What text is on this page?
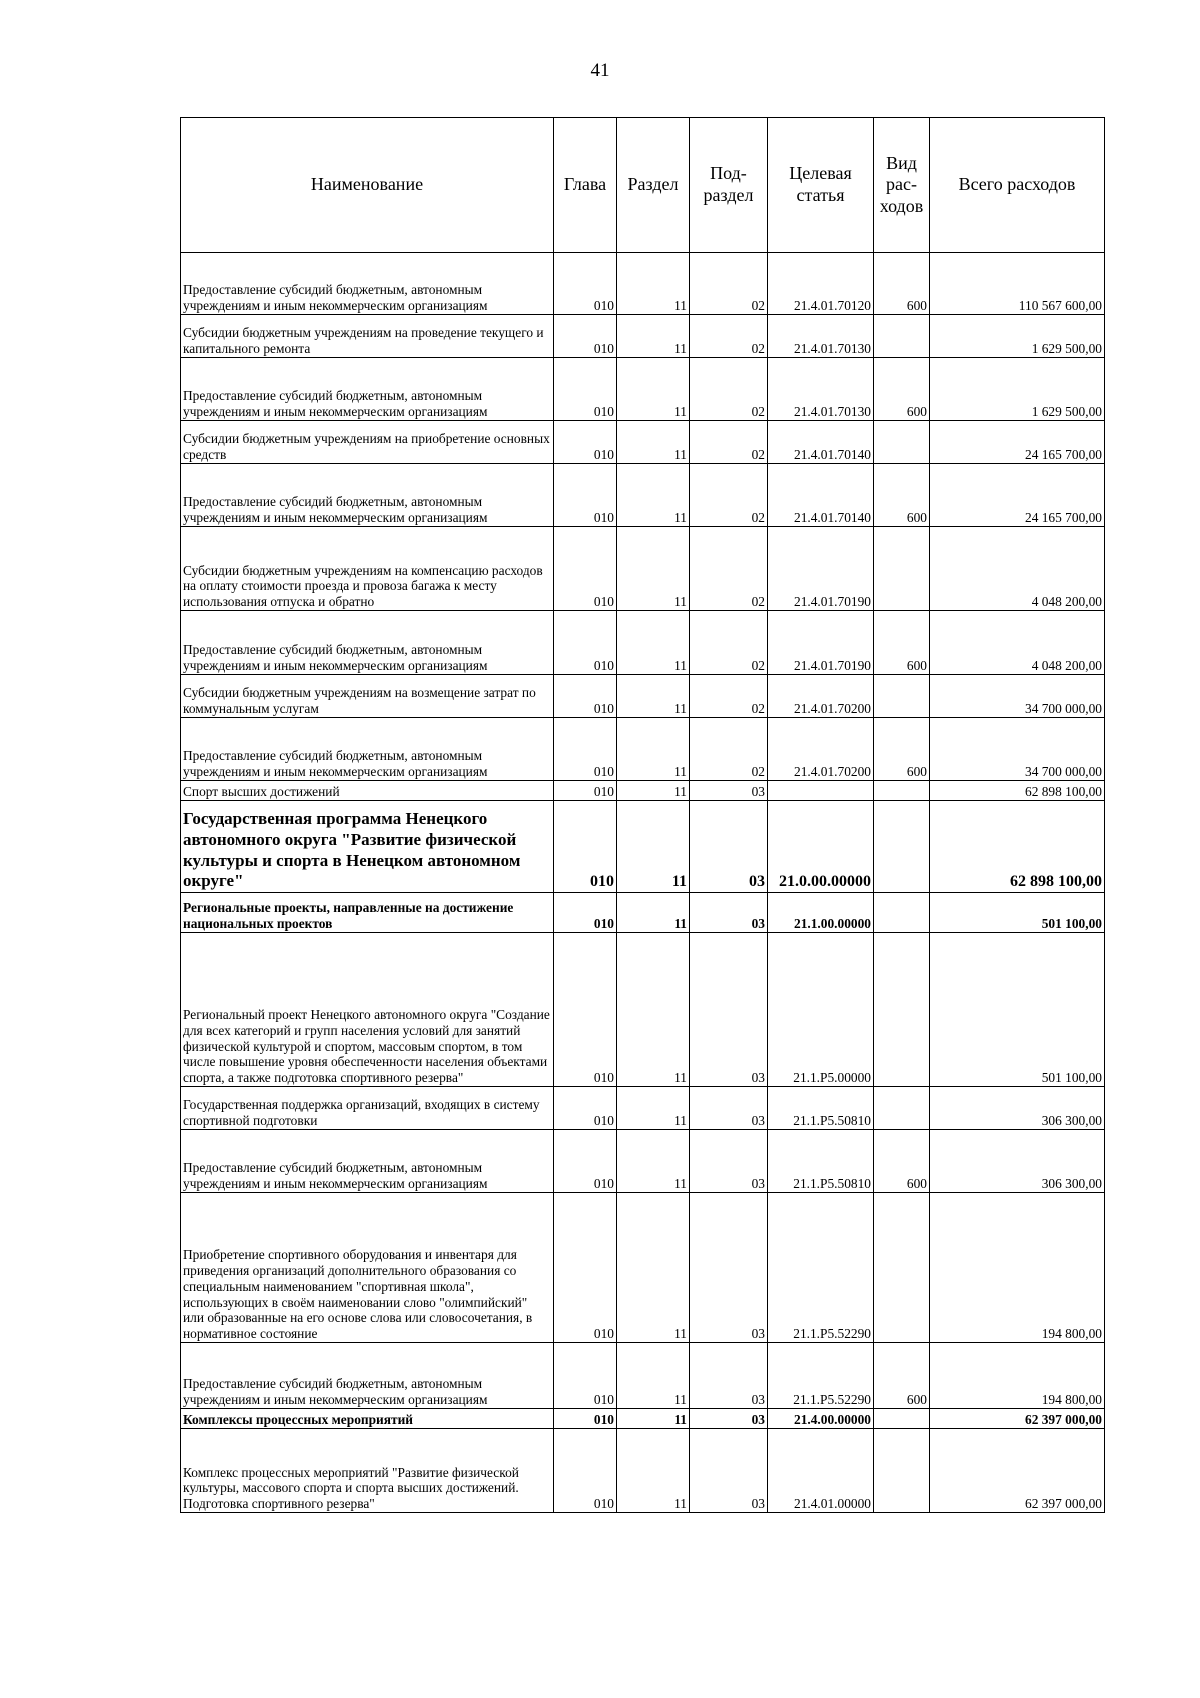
41
Наименование	Глава	Раздел	Под-раздел	Целевая статья	Вид рас-ходов	Всего расходов
Предоставление субсидий бюджетным, автономным учреждениям и иным некоммерческим организациям	010	11	02	21.4.01.70120	600	110 567 600,00
Субсидии бюджетным учреждениям на проведение текущего и капитального ремонта	010	11	02	21.4.01.70130		1 629 500,00
Предоставление субсидий бюджетным, автономным учреждениям и иным некоммерческим организациям	010	11	02	21.4.01.70130	600	1 629 500,00
Субсидии бюджетным учреждениям на приобретение основных средств	010	11	02	21.4.01.70140		24 165 700,00
Предоставление субсидий бюджетным, автономным учреждениям и иным некоммерческим организациям	010	11	02	21.4.01.70140	600	24 165 700,00
Субсидии бюджетным учреждениям на компенсацию расходов на оплату стоимости проезда и провоза багажа к месту использования отпуска и обратно	010	11	02	21.4.01.70190		4 048 200,00
Предоставление субсидий бюджетным, автономным учреждениям и иным некоммерческим организациям	010	11	02	21.4.01.70190	600	4 048 200,00
Субсидии бюджетным учреждениям на возмещение затрат по коммунальным услугам	010	11	02	21.4.01.70200		34 700 000,00
Предоставление субсидий бюджетным, автономным учреждениям и иным некоммерческим организациям	010	11	02	21.4.01.70200	600	34 700 000,00
Спорт высших достижений	010	11	03			62 898 100,00
Государственная программа Ненецкого автономного округа "Развитие физической культуры и спорта в Ненецком автономном округе"	010	11	03	21.0.00.00000		62 898 100,00
Региональные проекты, направленные на достижение национальных проектов	010	11	03	21.1.00.00000		501 100,00
Региональный проект Ненецкого автономного округа "Создание для всех категорий и групп населения условий для занятий физической культурой и спортом, массовым спортом, в том числе повышение уровня обеспеченности населения объектами спорта, а также подготовка спортивного резерва"	010	11	03	21.1.P5.00000		501 100,00
Государственная поддержка организаций, входящих в систему спортивной подготовки	010	11	03	21.1.P5.50810		306 300,00
Предоставление субсидий бюджетным, автономным учреждениям и иным некоммерческим организациям	010	11	03	21.1.P5.50810	600	306 300,00
Приобретение спортивного оборудования и инвентаря для приведения организаций дополнительного образования со специальным наименованием "спортивная школа", использующих в своём наименовании слово "олимпийский" или образованные на его основе слова или словосочетания, в нормативное состояние	010	11	03	21.1.P5.52290		194 800,00
Предоставление субсидий бюджетным, автономным учреждениям и иным некоммерческим организациям	010	11	03	21.1.P5.52290	600	194 800,00
Комплексы процессных мероприятий	010	11	03	21.4.00.00000		62 397 000,00
Комплекс процессных мероприятий "Развитие физической культуры, массового спорта и спорта высших достижений. Подготовка спортивного резерва"	010	11	03	21.4.01.00000		62 397 000,00
